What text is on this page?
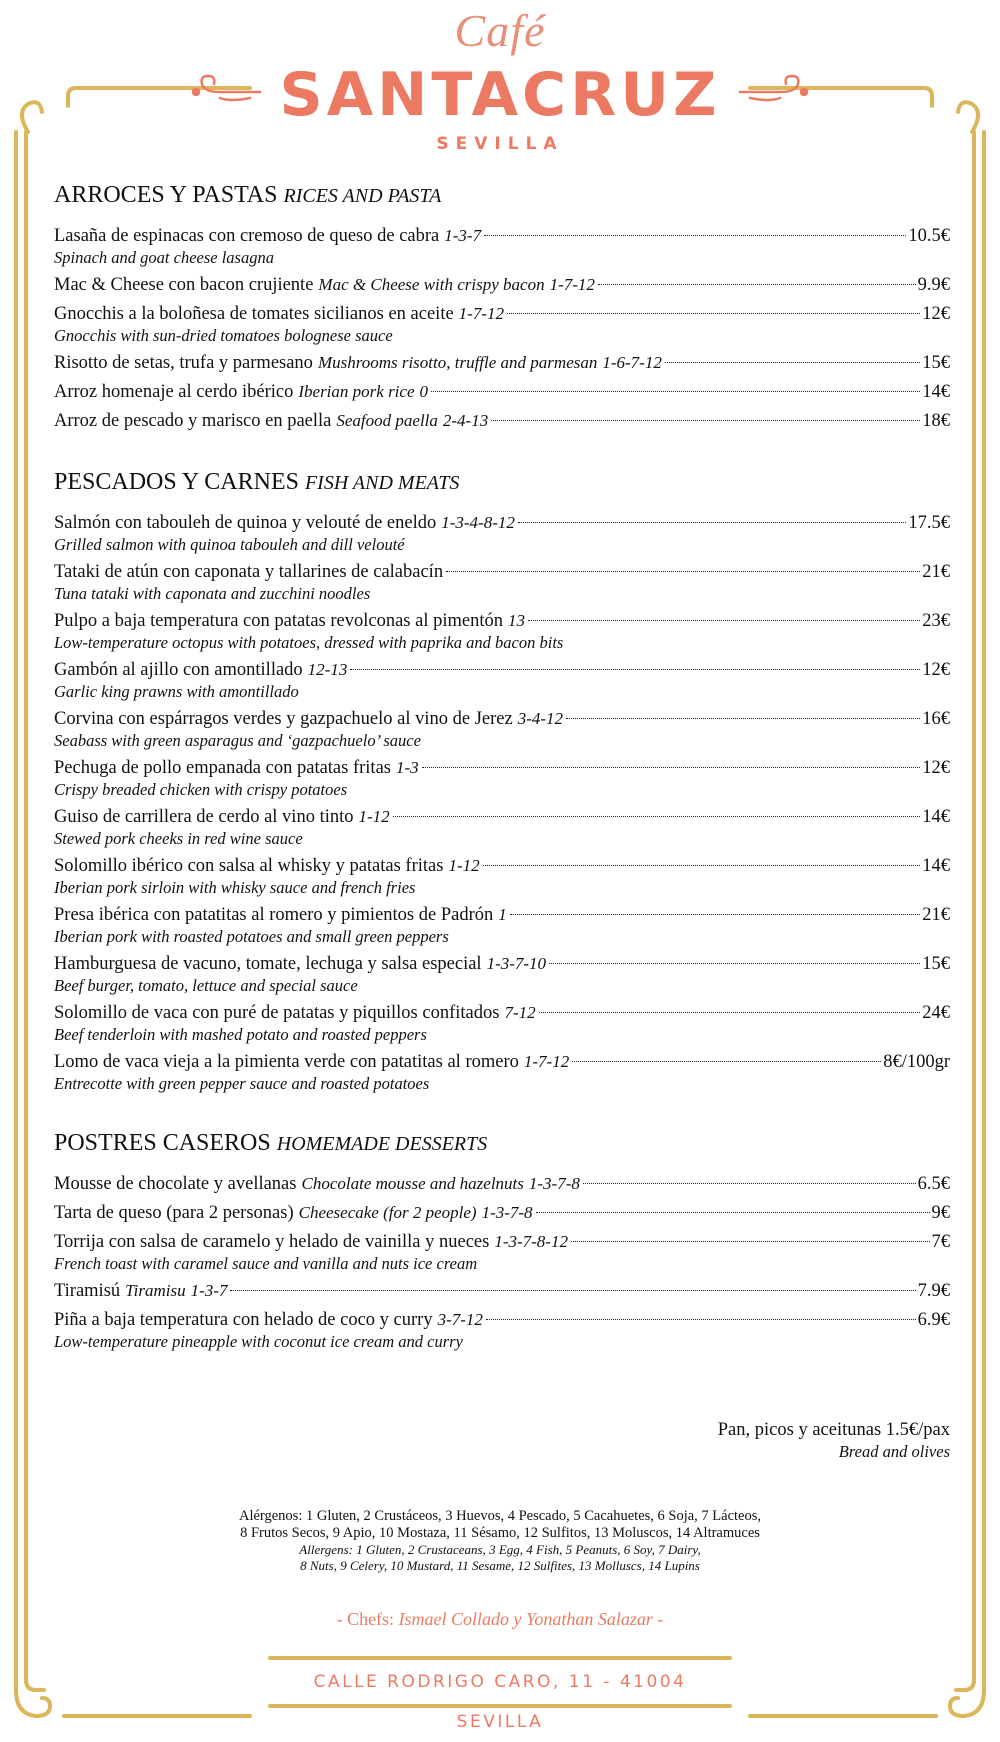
Café
SANTACRUZ
SEVILLA
ARROCES Y PASTAS RICES AND PASTA
Lasaña de espinacas con cremoso de queso de cabra 1-3-7	10.5€
Spinach and goat cheese lasagna
Mac & Cheese con bacon crujiente Mac & Cheese with crispy bacon 1-7-12	9.9€
Gnocchis a la boloñesa de tomates sicilianos en aceite 1-7-12	12€
Gnocchis with sun-dried tomatoes bolognese sauce
Risotto de setas, trufa y parmesano Mushrooms risotto, truffle and parmesan 1-6-7-12	15€
Arroz homenaje al cerdo ibérico Iberian pork rice 0	14€
Arroz de pescado y marisco en paella Seafood paella 2-4-13	18€
PESCADOS Y CARNES FISH AND MEATS
Salmón con tabouleh de quinoa y velouté de eneldo 1-3-4-8-12	17.5€
Grilled salmon with quinoa tabouleh and dill velouté
Tataki de atún con caponata y tallarines de calabacín	21€
Tuna tataki with caponata and zucchini noodles
Pulpo a baja temperatura con patatas revolconas al pimentón 13	23€
Low-temperature octopus with potatoes, dressed with paprika and bacon bits
Gambón al ajillo con amontillado 12-13	12€
Garlic king prawns with amontillado
Corvina con espárragos verdes y gazpachuelo al vino de Jerez 3-4-12	16€
Seabass with green asparagus and ‘gazpachuelo’ sauce
Pechuga de pollo empanada con patatas fritas 1-3	12€
Crispy breaded chicken with crispy potatoes
Guiso de carrillera de cerdo al vino tinto 1-12	14€
Stewed pork cheeks in red wine sauce
Solomillo ibérico con salsa al whisky y patatas fritas 1-12	14€
Iberian pork sirloin with whisky sauce and french fries
Presa ibérica con patatitas al romero y pimientos de Padrón 1	21€
Iberian pork with roasted potatoes and small green peppers
Hamburguesa de vacuno, tomate, lechuga y salsa especial 1-3-7-10	15€
Beef burger, tomato, lettuce and special sauce
Solomillo de vaca con puré de patatas y piquillos confitados 7-12	24€
Beef tenderloin with mashed potato and roasted peppers
Lomo de vaca vieja a la pimienta verde con patatitas al romero 1-7-12	8€/100gr
Entrecotte with green pepper sauce and roasted potatoes
POSTRES CASEROS HOMEMADE DESSERTS
Mousse de chocolate y avellanas Chocolate mousse and hazelnuts 1-3-7-8	6.5€
Tarta de queso (para 2 personas) Cheesecake (for 2 people) 1-3-7-8	9€
Torrija con salsa de caramelo y helado de vainilla y nueces 1-3-7-8-12	7€
French toast with caramel sauce and vanilla and nuts ice cream
Tiramisú Tiramisu 1-3-7	7.9€
Piña a baja temperatura con helado de coco y curry 3-7-12	6.9€
Low-temperature pineapple with coconut ice cream and curry
Pan, picos y aceitunas 1.5€/pax
Bread and olives
Alérgenos: 1 Gluten, 2 Crustáceos, 3 Huevos, 4 Pescado, 5 Cacahuetes, 6 Soja, 7 Lácteos,
8 Frutos Secos, 9 Apio, 10 Mostaza, 11 Sésamo, 12 Sulfitos, 13 Moluscos, 14 Altramuces
Allergens: 1 Gluten, 2 Crustaceans, 3 Egg, 4 Fish, 5 Peanuts, 6 Soy, 7 Dairy,
8 Nuts, 9 Celery, 10 Mustard, 11 Sesame, 12 Sulfites, 13 Molluscs, 14 Lupins
- Chefs: Ismael Collado y Yonathan Salazar -
CALLE RODRIGO CARO, 11 - 41004 SEVILLA
